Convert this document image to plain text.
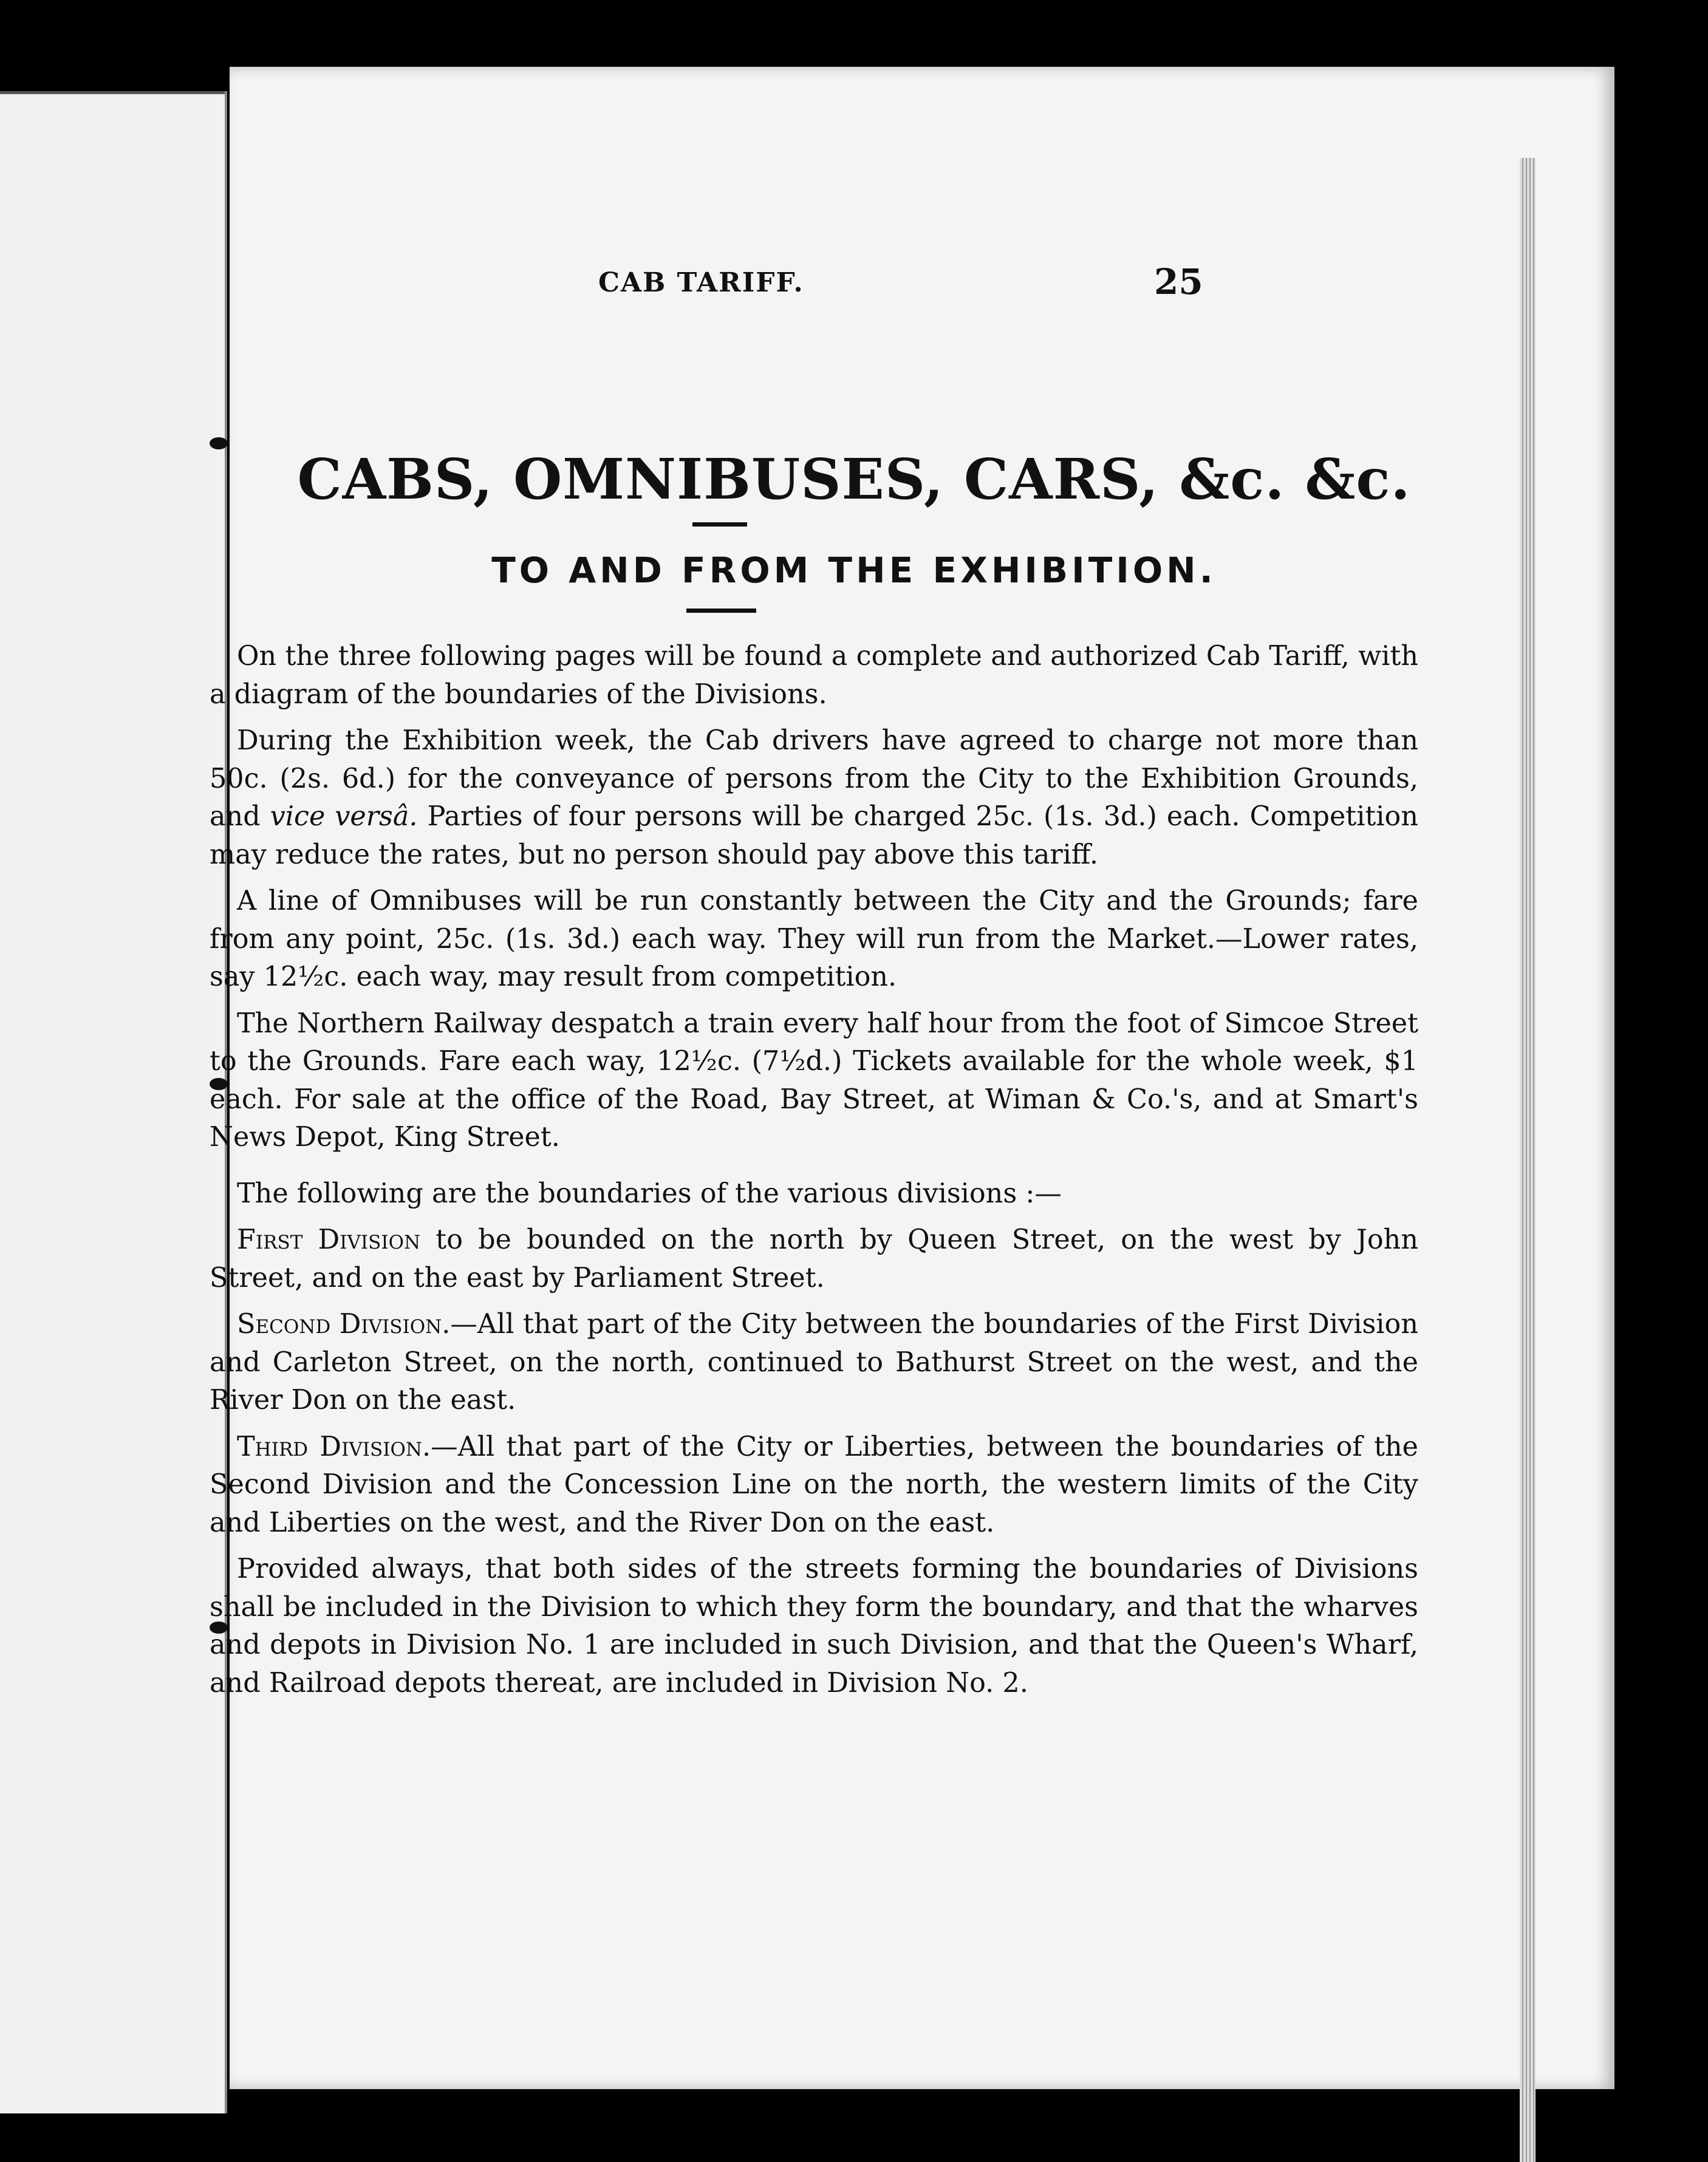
CAB TARIFF.	25
CABS, OMNIBUSES, CARS, &c. &c.
TO AND FROM THE EXHIBITION.

On the three following pages will be found a complete and authorized Cab Tariff, with a diagram of the boundaries of the Divisions.

During the Exhibition week, the Cab drivers have agreed to charge not more than 50c. (2s. 6d.) for the conveyance of persons from the City to the Exhibition Grounds, and vice versâ. Parties of four persons will be charged 25c. (1s. 3d.) each. Competition may reduce the rates, but no person should pay above this tariff.

A line of Omnibuses will be run constantly between the City and the Grounds; fare from any point, 25c. (1s. 3d.) each way. They will run from the Market.—Lower rates, say 12½c. each way, may result from competition.

The Northern Railway despatch a train every half hour from the foot of Simcoe Street to the Grounds. Fare each way, 12½c. (7½d.) Tickets available for the whole week, $1 each. For sale at the office of the Road, Bay Street, at Wiman & Co.'s, and at Smart's News Depot, King Street.

The following are the boundaries of the various divisions :—

First Division to be bounded on the north by Queen Street, on the west by John Street, and on the east by Parliament Street.

Second Division.—All that part of the City between the boundaries of the First Division and Carleton Street, on the north, continued to Bathurst Street on the west, and the River Don on the east.

Third Division.—All that part of the City or Liberties, between the boundaries of the Second Division and the Concession Line on the north, the western limits of the City and Liberties on the west, and the River Don on the east.

Provided always, that both sides of the streets forming the boundaries of Divisions shall be included in the Division to which they form the boundary, and that the wharves and depots in Division No. 1 are included in such Division, and that the Queen's Wharf, and Railroad depots thereat, are included in Division No. 2.
